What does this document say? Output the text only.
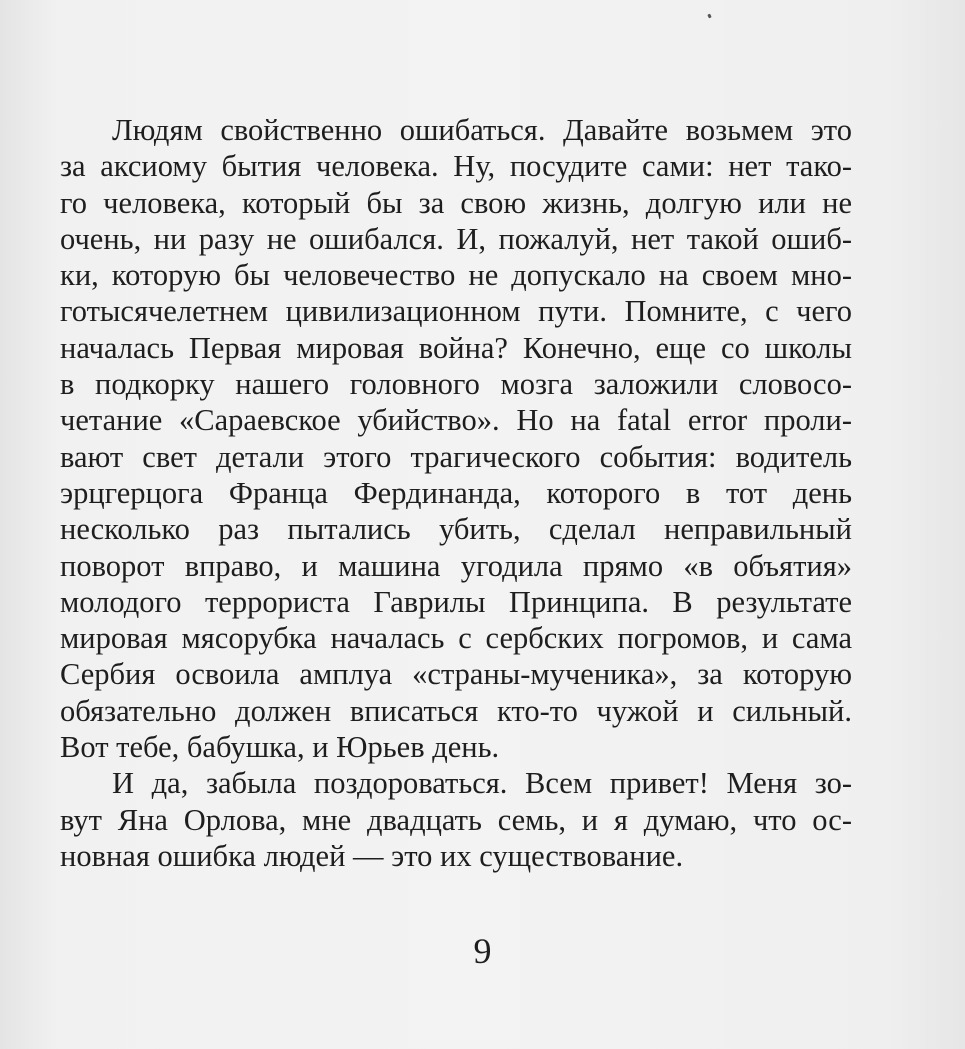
Людям свойственно ошибаться. Давайте возьмем это
за аксиому бытия человека. Ну, посудите сами: нет тако-
го человека, который бы за свою жизнь, долгую или не
очень, ни разу не ошибался. И, пожалуй, нет такой ошиб-
ки, которую бы человечество не допускало на своем мно-
готысячелетнем цивилизационном пути. Помните, с чего
началась Первая мировая война? Конечно, еще со школы
в подкорку нашего головного мозга заложили словосо-
четание «Сараевское убийство». Но на fatal error проли-
вают свет детали этого трагического события: водитель
эрцгерцога Франца Фердинанда, которого в тот день
несколько раз пытались убить, сделал неправильный
поворот вправо, и машина угодила прямо «в объятия»
молодого террориста Гаврилы Принципа. В результате
мировая мясорубка началась с сербских погромов, и сама
Сербия освоила амплуа «страны-мученика», за которую
обязательно должен вписаться кто-то чужой и сильный.
Вот тебе, бабушка, и Юрьев день.
И да, забыла поздороваться. Всем привет! Меня зо-
вут Яна Орлова, мне двадцать семь, и я думаю, что ос-
новная ошибка людей — это их существование.
9
